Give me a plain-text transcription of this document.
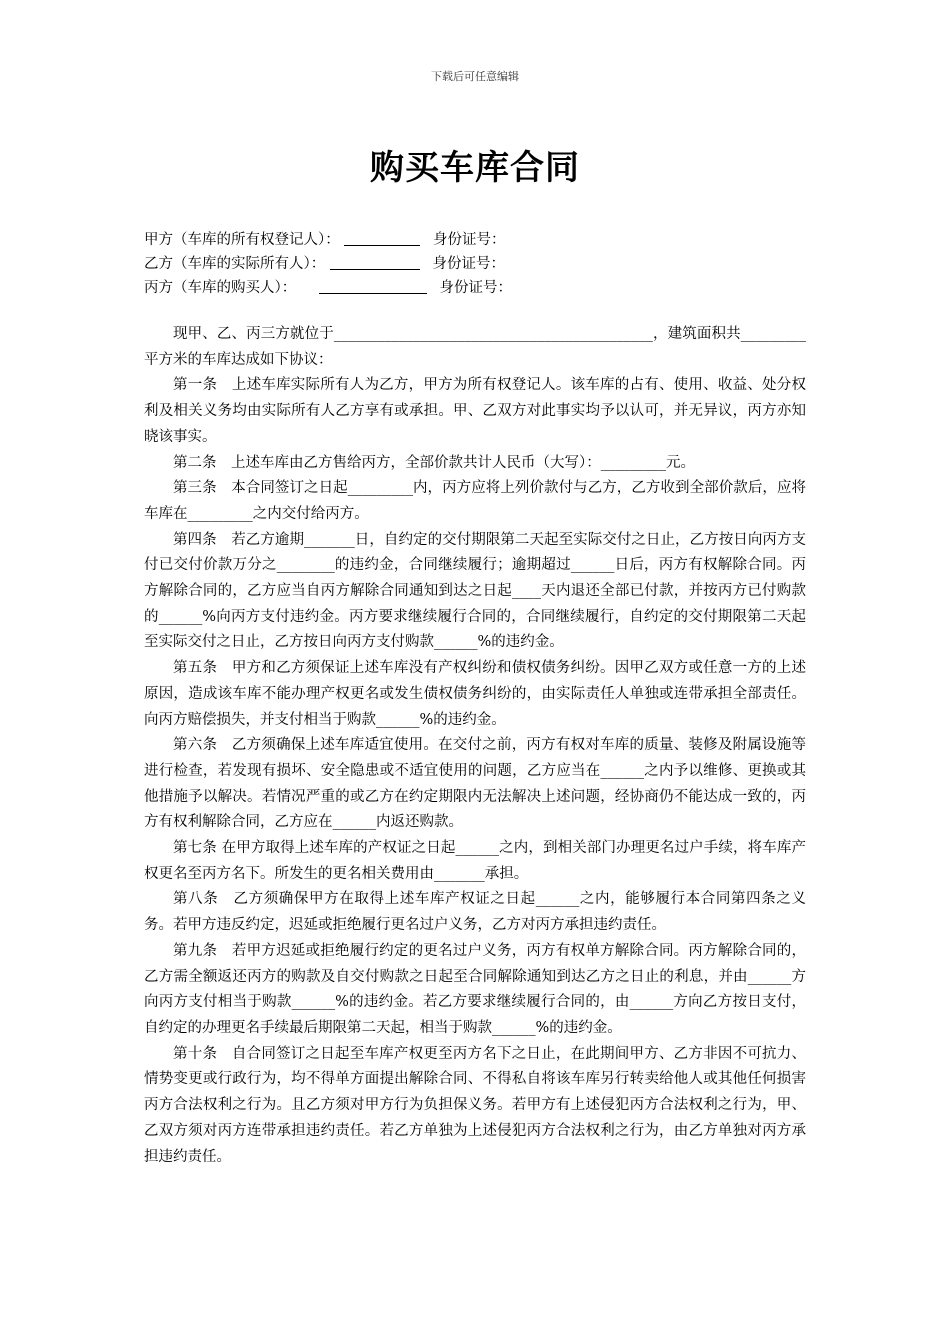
下载后可任意编辑
购买车库合同
甲方（车库的所有权登记人）：	身份证号：
乙方（车库的实际所有人）：	身份证号：
丙方（车库的购买人）：	身份证号：

现甲、乙、丙三方就位于____________________________________________，建筑面积共_________平方米的车库达成如下协议：

第一条　上述车库实际所有人为乙方，甲方为所有权登记人。该车库的占有、使用、收益、处分权利及相关义务均由实际所有人乙方享有或承担。甲、乙双方对此事实均予以认可，并无异议，丙方亦知晓该事实。

第二条　上述车库由乙方售给丙方，全部价款共计人民币（大写）：_________元。

第三条　本合同签订之日起_________内，丙方应将上列价款付与乙方，乙方收到全部价款后，应将车库在_________之内交付给丙方。

第四条　若乙方逾期_______日，自约定的交付期限第二天起至实际交付之日止，乙方按日向丙方支付已交付价款万分之________的违约金，合同继续履行；逾期超过______日后，丙方有权解除合同。丙方解除合同的，乙方应当自丙方解除合同通知到达之日起____天内退还全部已付款，并按丙方已付购款的______%向丙方支付违约金。丙方要求继续履行合同的，合同继续履行，自约定的交付期限第二天起至实际交付之日止，乙方按日向丙方支付购款______%的违约金。

第五条　甲方和乙方须保证上述车库没有产权纠纷和债权债务纠纷。因甲乙双方或任意一方的上述原因，造成该车库不能办理产权更名或发生债权债务纠纷的，由实际责任人单独或连带承担全部责任。向丙方赔偿损失，并支付相当于购款______%的违约金。

第六条　乙方须确保上述车库适宜使用。在交付之前，丙方有权对车库的质量、装修及附属设施等进行检查，若发现有损坏、安全隐患或不适宜使用的问题，乙方应当在______之内予以维修、更换或其他措施予以解决。若情况严重的或乙方在约定期限内无法解决上述问题，经协商仍不能达成一致的，丙方有权利解除合同，乙方应在______内返还购款。

第七条 在甲方取得上述车库的产权证之日起______之内，到相关部门办理更名过户手续，将车库产权更名至丙方名下。所发生的更名相关费用由_______承担。

第八条　乙方须确保甲方在取得上述车库产权证之日起______之内，能够履行本合同第四条之义务。若甲方违反约定，迟延或拒绝履行更名过户义务，乙方对丙方承担违约责任。

第九条　若甲方迟延或拒绝履行约定的更名过户义务，丙方有权单方解除合同。丙方解除合同的，乙方需全额返还丙方的购款及自交付购款之日起至合同解除通知到达乙方之日止的利息，并由______方向丙方支付相当于购款______%的违约金。若乙方要求继续履行合同的，由______方向乙方按日支付，自约定的办理更名手续最后期限第二天起，相当于购款______%的违约金。

第十条　自合同签订之日起至车库产权更至丙方名下之日止，在此期间甲方、乙方非因不可抗力、情势变更或行政行为，均不得单方面提出解除合同、不得私自将该车库另行转卖给他人或其他任何损害丙方合法权利之行为。且乙方须对甲方行为负担保义务。若甲方有上述侵犯丙方合法权利之行为，甲、乙双方须对丙方连带承担违约责任。若乙方单独为上述侵犯丙方合法权利之行为，由乙方单独对丙方承担违约责任。
